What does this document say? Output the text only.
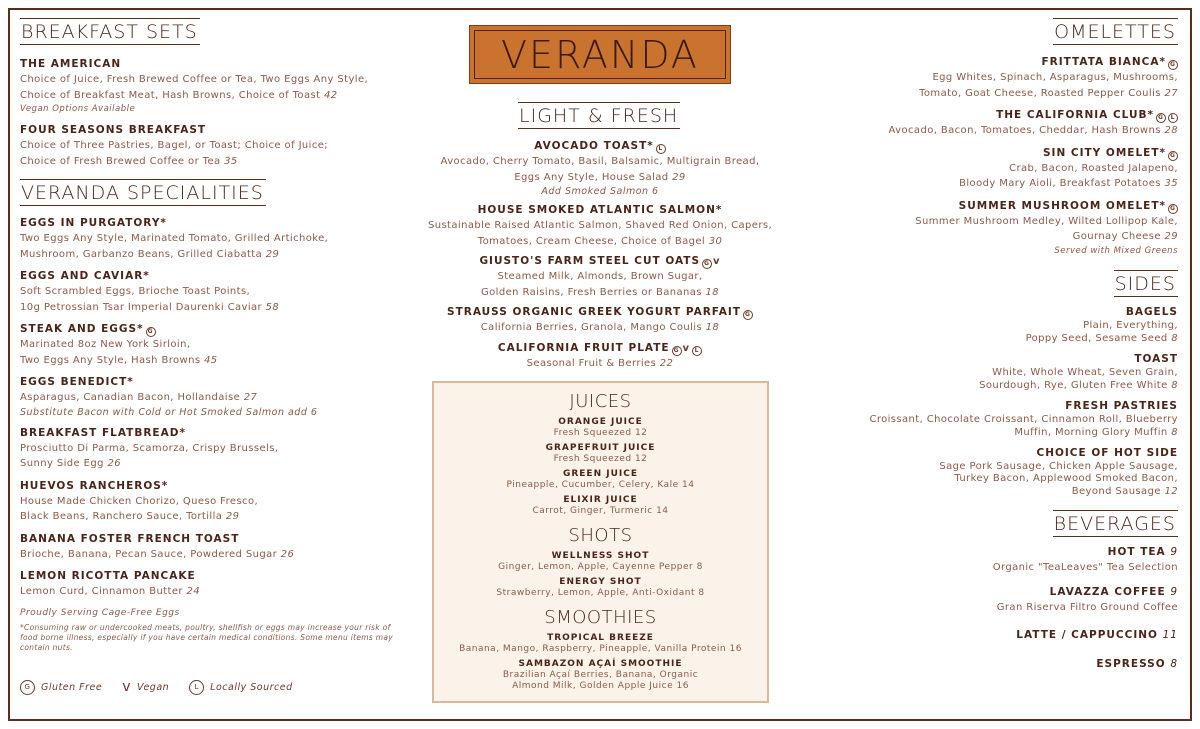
BREAKFAST SETS
THE AMERICAN
Choice of Juice, Fresh Brewed Coffee or Tea, Two Eggs Any Style,
Choice of Breakfast Meat, Hash Browns, Choice of Toast 42
Vegan Options Available
FOUR SEASONS BREAKFAST
Choice of Three Pastries, Bagel, or Toast; Choice of Juice;
Choice of Fresh Brewed Coffee or Tea 35
VERANDA SPECIALITIES
EGGS IN PURGATORY*
Two Eggs Any Style, Marinated Tomato, Grilled Artichoke,
Mushroom, Garbanzo Beans, Grilled Ciabatta 29
EGGS AND CAVIAR*
Soft Scrambled Eggs, Brioche Toast Points,
10g Petrossian Tsar Imperial Daurenki Caviar 58
STEAK AND EGGS* G
Marinated 8oz New York Sirloin,
Two Eggs Any Style, Hash Browns 45
EGGS BENEDICT*
Asparagus, Canadian Bacon, Hollandaise 27
Substitute Bacon with Cold or Hot Smoked Salmon add 6
BREAKFAST FLATBREAD*
Prosciutto Di Parma, Scamorza, Crispy Brussels,
Sunny Side Egg 26
HUEVOS RANCHEROS*
House Made Chicken Chorizo, Queso Fresco,
Black Beans, Ranchero Sauce, Tortilla 29
BANANA FOSTER FRENCH TOAST
Brioche, Banana, Pecan Sauce, Powdered Sugar 26
LEMON RICOTTA PANCAKE
Lemon Curd, Cinnamon Butter 24
Proudly Serving Cage-Free Eggs
*Consuming raw or undercooked meats, poultry, shellfish or eggs may increase your risk of food borne illness, especially if you have certain medical conditions. Some menu items may contain nuts.
G	Gluten Free ⅴ Vegan	L	Locally Sourced
VERANDA
LIGHT & FRESH
AVOCADO TOAST* L
Avocado, Cherry Tomato, Basil, Balsamic, Multigrain Bread,
Eggs Any Style, House Salad 29
Add Smoked Salmon 6
HOUSE SMOKED ATLANTIC SALMON*
Sustainable Raised Atlantic Salmon, Shaved Red Onion, Capers,
Tomatoes, Cream Cheese, Choice of Bagel 30
GIUSTO'S FARM STEEL CUT OATS G ⅴ
Steamed Milk, Almonds, Brown Sugar,
Golden Raisins, Fresh Berries or Bananas 18
STRAUSS ORGANIC GREEK YOGURT PARFAIT G
California Berries, Granola, Mango Coulis 18
CALIFORNIA FRUIT PLATE G ⅴ L
Seasonal Fruit & Berries 22
JUICES
ORANGE JUICE
Fresh Squeezed 12
GRAPEFRUIT JUICE
Fresh Squeezed 12
GREEN JUICE
Pineapple, Cucumber, Celery, Kale 14
ELIXIR JUICE
Carrot, Ginger, Turmeric 14
SHOTS
WELLNESS SHOT
Ginger, Lemon, Apple, Cayenne Pepper 8
ENERGY SHOT
Strawberry, Lemon, Apple, Anti-Oxidant 8
SMOOTHIES
TROPICAL BREEZE
Banana, Mango, Raspberry, Pineapple, Vanilla Protein 16
SAMBAZON AÇAÍ SMOOTHIE
Brazilian Açaí Berries, Banana, Organic
Almond Milk, Golden Apple Juice 16
OMELETTES
FRITTATA BIANCA* G
Egg Whites, Spinach, Asparagus, Mushrooms,
Tomato, Goat Cheese, Roasted Pepper Coulis 27
THE CALIFORNIA CLUB* G L
Avocado, Bacon, Tomatoes, Cheddar, Hash Browns 28
SIN CITY OMELET* G
Crab, Bacon, Roasted Jalapeno,
Bloody Mary Aioli, Breakfast Potatoes 35
SUMMER MUSHROOM OMELET* G
Summer Mushroom Medley, Wilted Lollipop Kale,
Gournay Cheese 29
Served with Mixed Greens
SIDES
BAGELS
Plain, Everything,
Poppy Seed, Sesame Seed 8
TOAST
White, Whole Wheat, Seven Grain,
Sourdough, Rye, Gluten Free White 8
FRESH PASTRIES
Croissant, Chocolate Croissant, Cinnamon Roll, Blueberry
Muffin, Morning Glory Muffin 8
CHOICE OF HOT SIDE
Sage Pork Sausage, Chicken Apple Sausage,
Turkey Bacon, Applewood Smoked Bacon,
Beyond Sausage 12
BEVERAGES
HOT TEA 9
Organic "TeaLeaves" Tea Selection
LAVAZZA COFFEE 9
Gran Riserva Filtro Ground Coffee
LATTE / CAPPUCCINO 11
ESPRESSO 8
